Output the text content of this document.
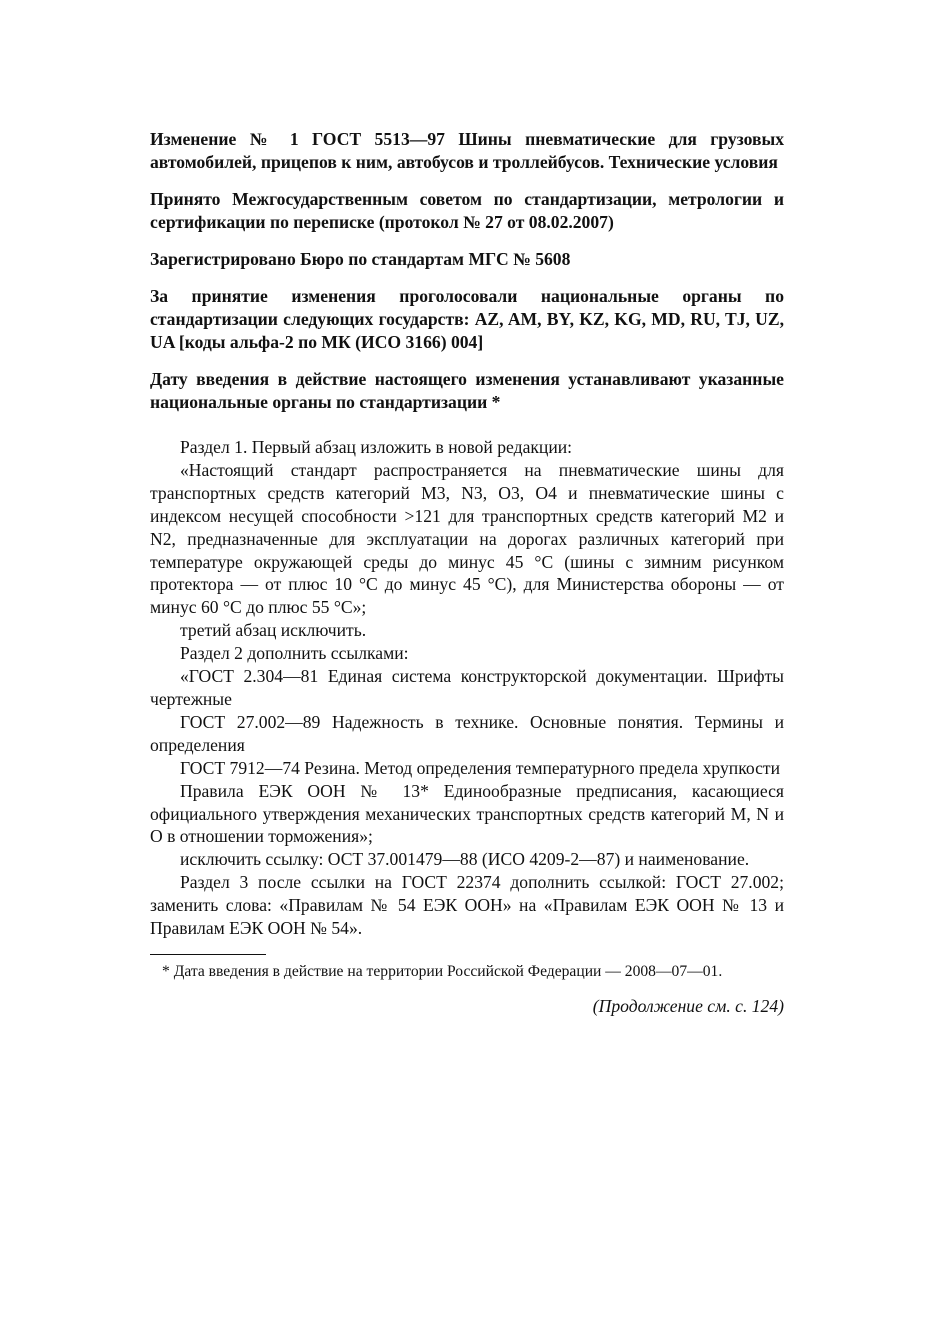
Изменение № 1 ГОСТ 5513—97 Шины пневматические для грузовых автомобилей, прицепов к ним, автобусов и троллейбусов. Технические условия

Принято Межгосударственным советом по стандартизации, метрологии и сертификации по переписке (протокол № 27 от 08.02.2007)

Зарегистрировано Бюро по стандартам МГС № 5608

За принятие изменения проголосовали национальные органы по стандартизации следующих государств: AZ, AM, BY, KZ, KG, MD, RU, TJ, UZ, UA [коды альфа-2 по МК (ИСО 3166) 004]

Дату введения в действие настоящего изменения устанавливают указанные национальные органы по стандартизации *

Раздел 1. Первый абзац изложить в новой редакции:

«Настоящий стандарт распространяется на пневматические шины для транспортных средств категорий М3, N3, О3, О4 и пневматические шины с индексом несущей способности >121 для транспортных средств категорий М2 и N2, предназначенные для эксплуатации на дорогах различных категорий при температуре окружающей среды до минус 45 °С (шины с зимним рисунком протектора — от плюс 10 °С до минус 45 °С), для Министерства обороны — от минус 60 °С до плюс 55 °С»;

третий абзац исключить.

Раздел 2 дополнить ссылками:

«ГОСТ 2.304—81 Единая система конструкторской документации. Шрифты чертежные

ГОСТ 27.002—89 Надежность в технике. Основные понятия. Термины и определения

ГОСТ 7912—74 Резина. Метод определения температурного предела хрупкости

Правила ЕЭК ООН № 13* Единообразные предписания, касающиеся официального утверждения механических транспортных средств категорий М, N и О в отношении торможения»;

исключить ссылку: ОСТ 37.001479—88 (ИСО 4209-2—87) и наименование.

Раздел 3 после ссылки на ГОСТ 22374 дополнить ссылкой: ГОСТ 27.002; заменить слова: «Правилам № 54 ЕЭК ООН» на «Правилам ЕЭК ООН № 13 и Правилам ЕЭК ООН № 54».

* Дата введения в действие на территории Российской Федерации — 2008—07—01.

(Продолжение см. с. 124)
